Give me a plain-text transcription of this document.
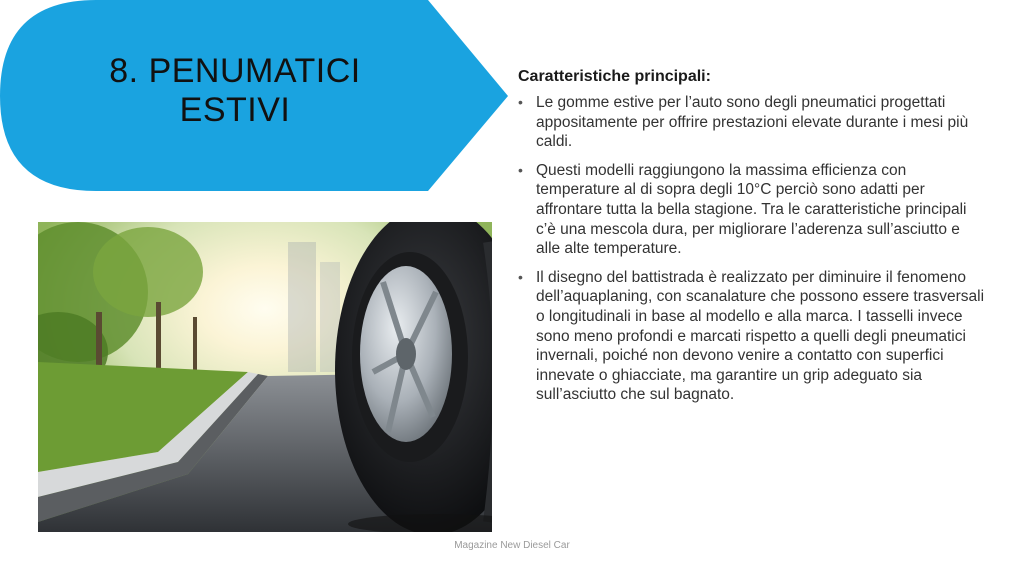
8. PENUMATICI
ESTIVI
Caratteristiche principali:
• Le gomme estive per l’auto sono degli pneumatici progettati appositamente per offrire prestazioni elevate durante i mesi più caldi.
• Questi modelli raggiungono la massima efficienza con temperature al di sopra degli 10°C perciò sono adatti per affrontare tutta la bella stagione. Tra le caratteristiche principali c’è una mescola dura, per migliorare l’aderenza sull’asciutto e alle alte temperature.
• Il disegno del battistrada è realizzato per diminuire il fenomeno dell’aquaplaning, con scanalature che possono essere trasversali o longitudinali in base al modello e alla marca. I tasselli invece sono meno profondi e marcati rispetto a quelli degli pneumatici invernali, poiché non devono venire a contatto con superfici innevate o ghiacciate, ma garantire un grip adeguato sia sull’asciutto che sul bagnato.
Magazine New Diesel Car
